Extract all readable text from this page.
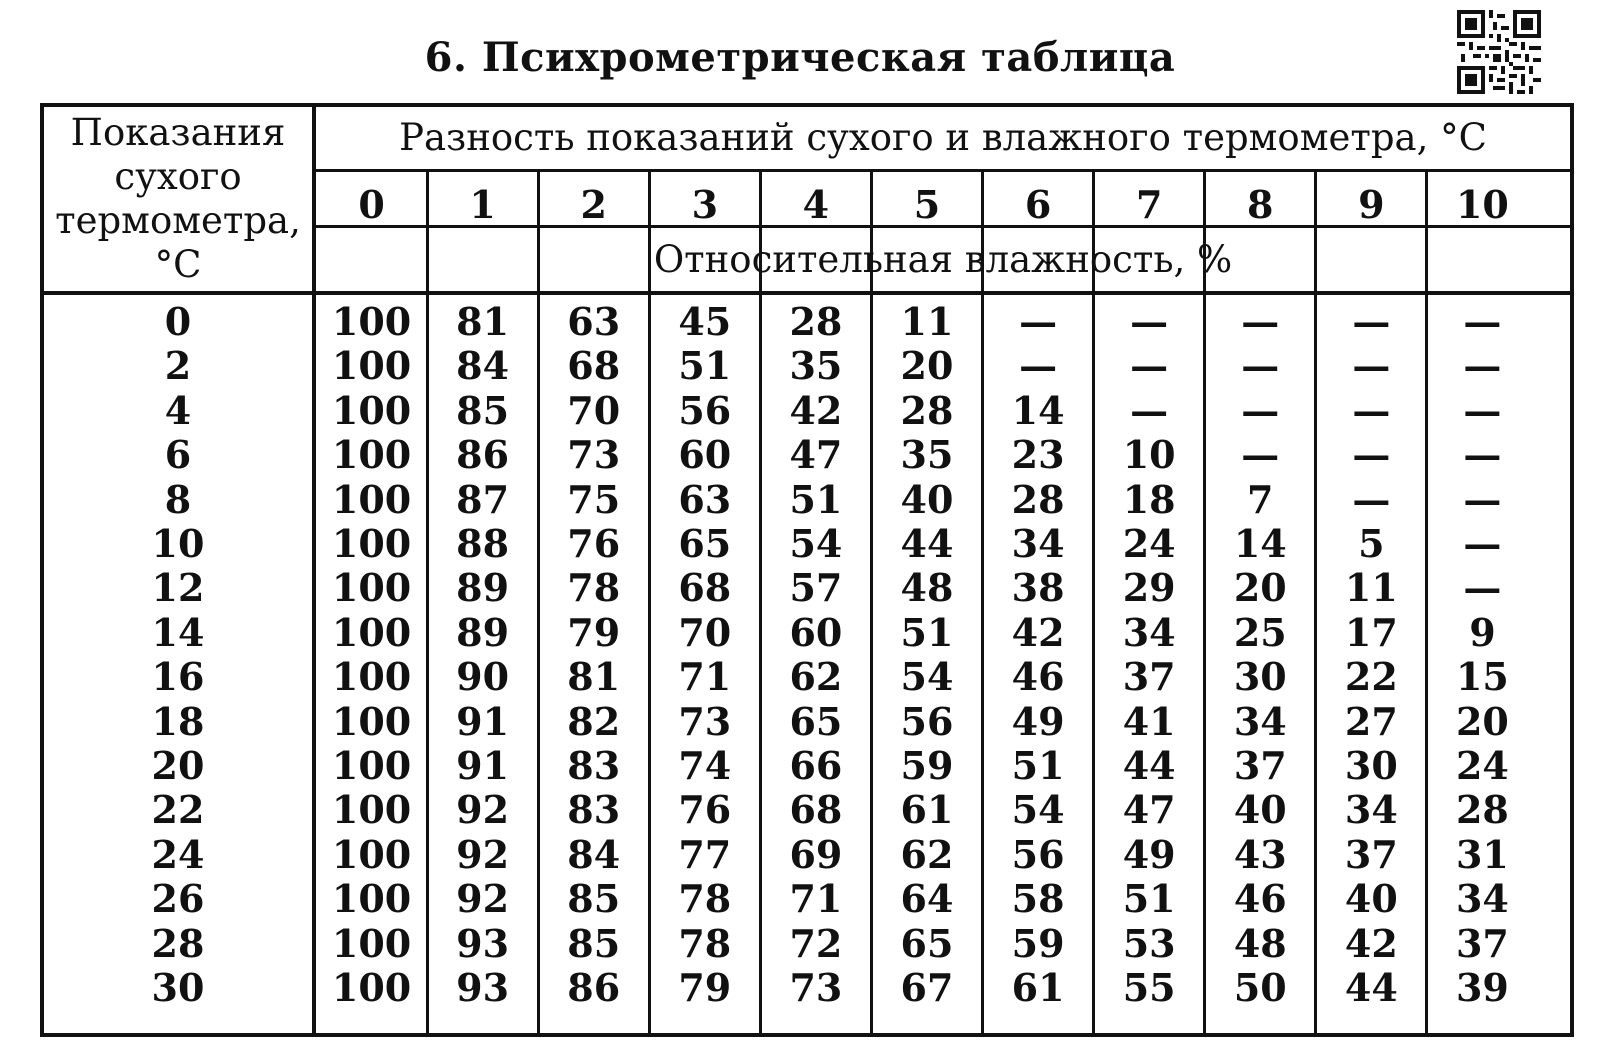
6. Психрометрическая таблица
Показания
сухого
термометра,
°C
Разность показаний сухого и влажного термометра, °C
Относительная влажность, %
0	1	2	3	4	5	6	7	8	9	10
0	100	81	63	45	28	11	—	—	—	—	—
2	100	84	68	51	35	20	—	—	—	—	—
4	100	85	70	56	42	28	14	—	—	—	—
6	100	86	73	60	47	35	23	10	—	—	—
8	100	87	75	63	51	40	28	18	7	—	—
10	100	88	76	65	54	44	34	24	14	5	—
12	100	89	78	68	57	48	38	29	20	11	—
14	100	89	79	70	60	51	42	34	25	17	9
16	100	90	81	71	62	54	46	37	30	22	15
18	100	91	82	73	65	56	49	41	34	27	20
20	100	91	83	74	66	59	51	44	37	30	24
22	100	92	83	76	68	61	54	47	40	34	28
24	100	92	84	77	69	62	56	49	43	37	31
26	100	92	85	78	71	64	58	51	46	40	34
28	100	93	85	78	72	65	59	53	48	42	37
30	100	93	86	79	73	67	61	55	50	44	39
